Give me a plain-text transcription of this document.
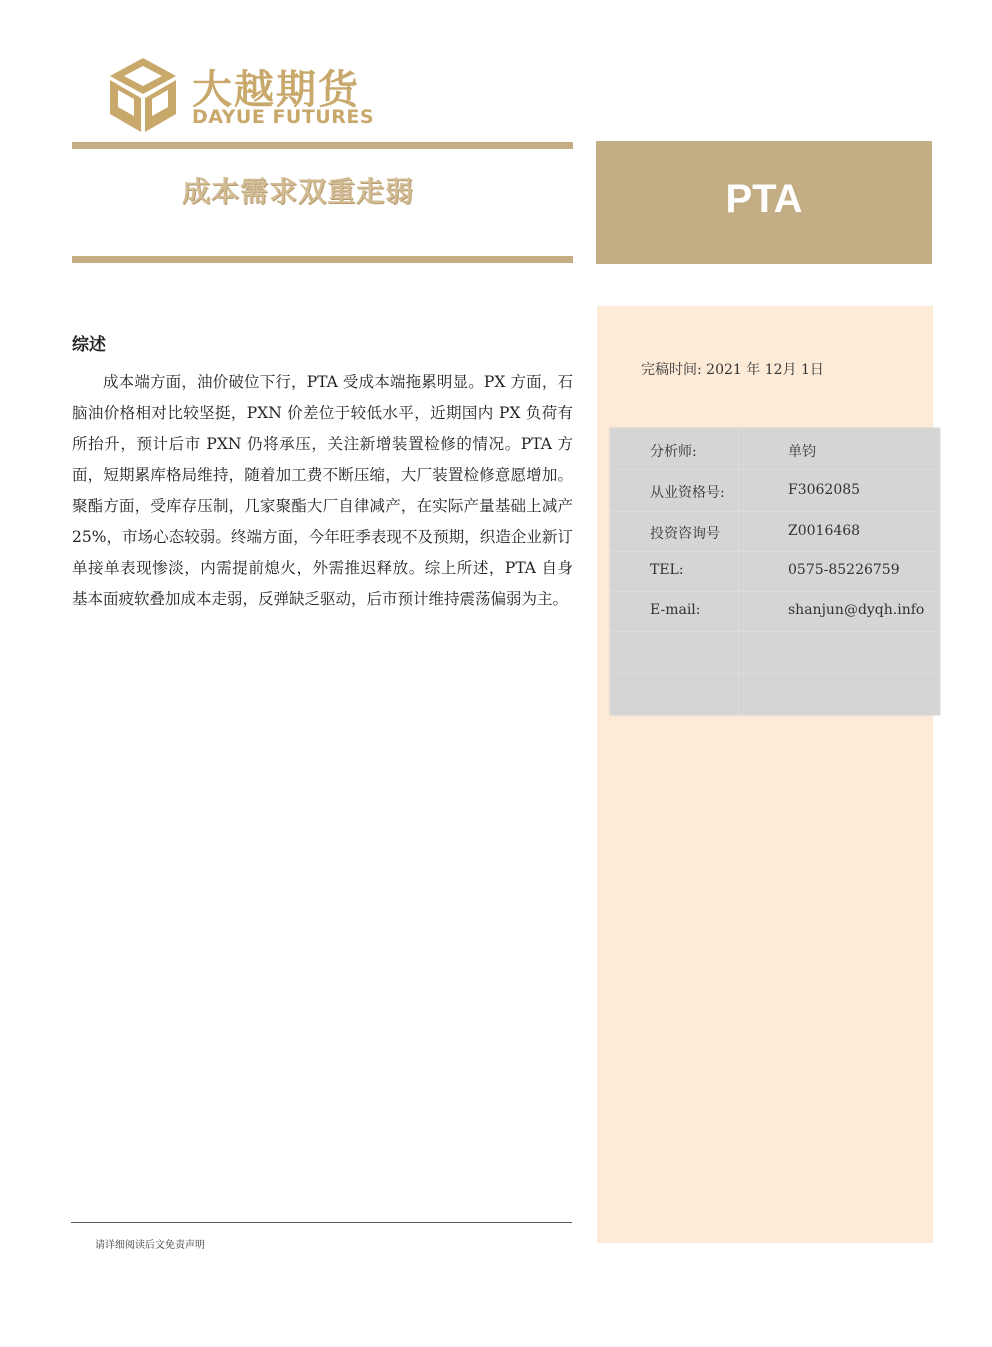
大越期货
DAYUE FUTURES
成本需求双重走弱	PTA
完稿时间: 2021 年 12月 1日
分析师:	单钧
从业资格号:	F3062085
投资咨询号	Z0016468
TEL:	0575-85226759
E-mail:	shanjun@dyqh.info
综述
成本端方面，油价破位下行，PTA 受成本端拖累明显。PX 方面，石脑油价格相对比较坚挺，PXN 价差位于较低水平，近期国内 PX 负荷有所抬升，预计后市 PXN 仍将承压，关注新增装置检修的情况。PTA 方面，短期累库格局维持，随着加工费不断压缩，大厂装置检修意愿增加。聚酯方面，受库存压制，几家聚酯大厂自律减产，在实际产量基础上减产 25%，市场心态较弱。终端方面，今年旺季表现不及预期，织造企业新订单接单表现惨淡，内需提前熄火，外需推迟释放。综上所述，PTA 自身基本面疲软叠加成本走弱，反弹缺乏驱动，后市预计维持震荡偏弱为主。
请详细阅读后文免责声明
